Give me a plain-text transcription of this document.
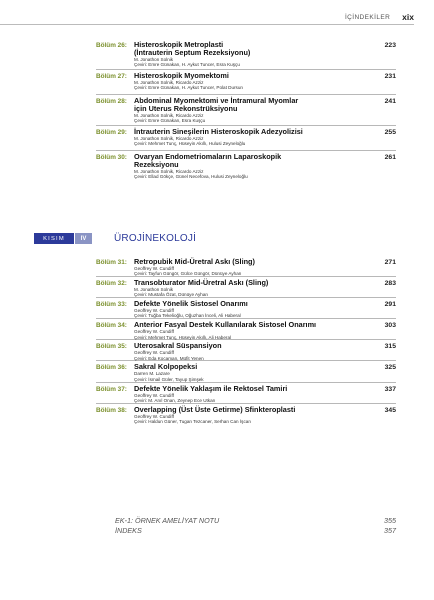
İÇİNDEKİLER xix
Bölüm 26: Histeroskopik Metroplasti
(İntrauterin Septum Rezeksiyonu)
M. Jonathon Solnik
Çeviri: Emre Günakan, H. Aykut Tuncer, Esra Kuşçu
223
Bölüm 27: Histeroskopik Myomektomi
M. Jonathon Solnik, Ricardo Azziz
Çeviri: Emre Günakan, H. Aykut Tuncer, Polat Dursun
231
Bölüm 28: Abdominal Myomektomi ve İntramural Myomlar
için Uterus Rekonstrüksiyonu
M. Jonathon Solnik, Ricardo Azziz
Çeviri: Emre Günakan, Esra Kuşçu
241
Bölüm 29: İntrauterin Sineşilerin Histeroskopik Adezyolizisi
M. Jonathon Solnik, Ricardo Azziz
Çeviri: Mehmet Tunç, Hüseyin Akıllı, Hulusi Zeyneloğlu
255
Bölüm 30: Ovaryan Endometriomaların Laparoskopik
Rezeksiyonu
M. Jonathon Solnik, Ricardo Azziz
Çeviri: Ellad Gökçe, Günel Necefova, Hulusi Zeyneloğlu
261
KISIM	IV	ÜROJİNEKOLOJİ
Bölüm 31: Retropubik Mid-Üretral Askı (Sling)
Geoffrey W. Cundiff
Çeviri: Tayfun Güngör, Gülce Güngör, Dünüye Ayhan
271
Bölüm 32: Transobturator Mid-Üretral Askı (Sling)
M. Jonathon Solnik
Çeviri: Mustafa Özat, Dünüye Ayhan
283
Bölüm 33: Defekte Yönelik Sistosel Onarımı
Geoffrey W. Cundiff
Çeviri: Tuğba Tekelioğlu, Oğuzhan İnceli, Ali Haberal
291
Bölüm 34: Anterior Fasyal Destek Kullanılarak Sistosel Onarımı
Geoffrey W. Cundiff
Çeviri: Mehmet Tunç, Hüseyin Akıllı, Ali Haberal
303
Bölüm 35: Uterosakral Süspansiyon
Geoffrey W. Cundiff
Çeviri: Eda Kocaman, Müfit Yenen
315
Bölüm 36: Sakral Kolpopeksi
Darren M. Lazare
Çeviri: İsmail Güler, Tayup Şimşek
325
Bölüm 37: Defekte Yönelik Yaklaşım ile Rektosel Tamiri
Geoffrey W. Cundiff
Çeviri: M. Anıl Onan, Zeynep Ece Utkan
337
Bölüm 38: Overlapping (Üst Üste Getirme) Sfinkteroplasti
Geoffrey W. Cundiff
Çeviri: Haldun Güner, Tugan Tezcaner, Serhan Can İşcan
345
EK-1: ÖRNEK AMELİYAT NOTU	355
İNDEKS	357
